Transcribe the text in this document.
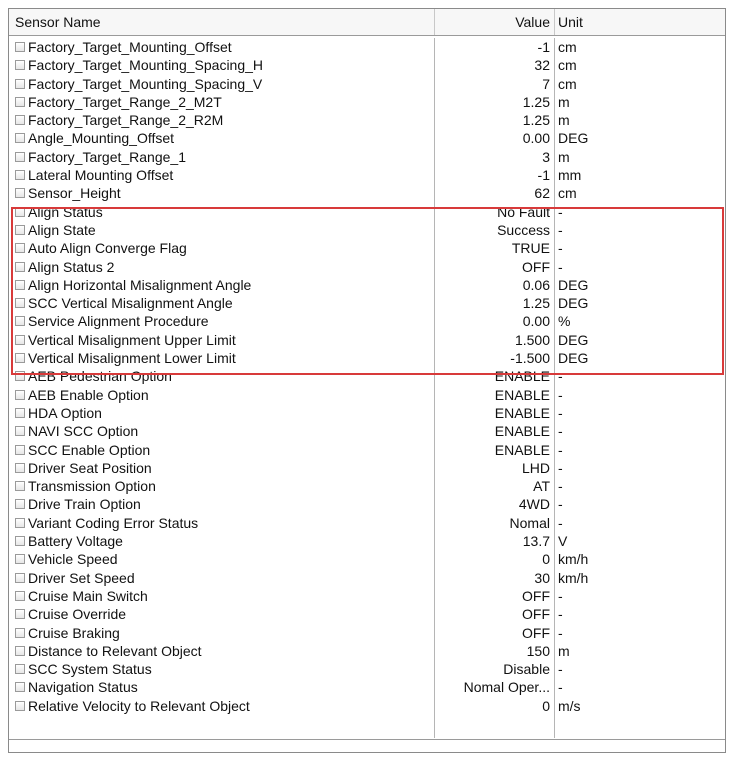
Sensor Name	Value Unit
Factory_Target_Mounting_Offset	-1 cm
Factory_Target_Mounting_Spacing_H	32 cm
Factory_Target_Mounting_Spacing_V	7 cm
Factory_Target_Range_2_M2T	1.25 m
Factory_Target_Range_2_R2M	1.25 m
Angle_Mounting_Offset	0.00 DEG
Factory_Target_Range_1	3 m
Lateral Mounting Offset	-1 mm
Sensor_Height	62 cm
Align Status	No Fault -
Align State	Success -
Auto Align Converge Flag	TRUE -
Align Status 2	OFF -
Align Horizontal Misalignment Angle	0.06 DEG
SCC Vertical Misalignment Angle	1.25 DEG
Service Alignment Procedure	0.00 %
Vertical Misalignment Upper Limit	1.500 DEG
Vertical Misalignment Lower Limit	-1.500 DEG
AEB Pedestrian Option	ENABLE -
AEB Enable Option	ENABLE -
HDA Option	ENABLE -
NAVI SCC Option	ENABLE -
SCC Enable Option	ENABLE -
Driver Seat Position	LHD -
Transmission Option	AT -
Drive Train Option	4WD -
Variant Coding Error Status	Nomal -
Battery Voltage	13.7 V
Vehicle Speed	0 km/h
Driver Set Speed	30 km/h
Cruise Main Switch	OFF -
Cruise Override	OFF -
Cruise Braking	OFF -
Distance to Relevant Object	150 m
SCC System Status	Disable -
Navigation Status	Nomal Oper... -
Relative Velocity to Relevant Object	0 m/s
